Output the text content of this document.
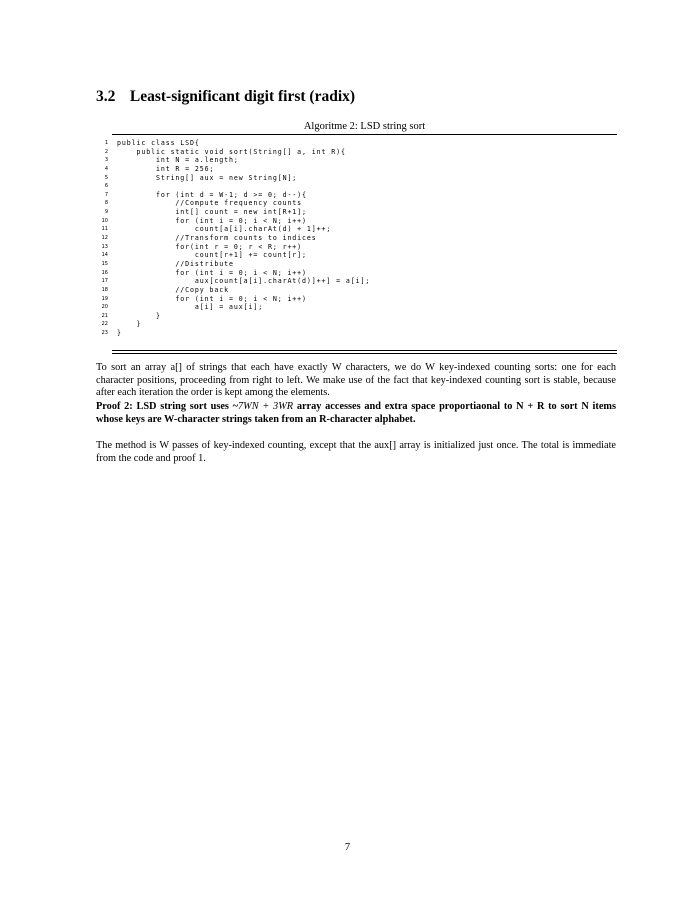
3.2 Least-significant digit first (radix)
Algoritme 2: LSD string sort
1 public class LSD{
2 public static void sort(String[] a, int R){
3 int N = a.length;
4 int R = 256;
5 String[] aux = new String[N];
6
7 for (int d = W-1; d >= 0; d--){
8 //Compute frequency counts
9 int[] count = new int[R+1];
10 for (int i = 0; i < N; i++)
11 count[a[i].charAt(d) + 1]++;
12 //Transform counts to indices
13 for(int r = 0; r < R; r++)
14 count[r+1] += count[r];
15 //Distribute
16 for (int i = 0; i < N; i++)
17 aux[count[a[i].charAt(d)]++] = a[i];
18 //Copy back
19 for (int i = 0; i < N; i++)
20 a[i] = aux[i];
21 }
22 }
23 }
To sort an array a[] of strings that each have exactly W characters, we do W key-indexed counting sorts: one for each character positions, proceeding from right to left. We make use of the fact that key-indexed counting sort is stable, because after each iteration the order is kept among the elements.
Proof 2: LSD string sort uses ~7WN + 3WR array accesses and extra space proportiaonal to N + R to sort N items whose keys are W-character strings taken from an R-character alphabet.
The method is W passes of key-indexed counting, except that the aux[] array is initialized just once. The total is immediate from the code and proof 1.
7
